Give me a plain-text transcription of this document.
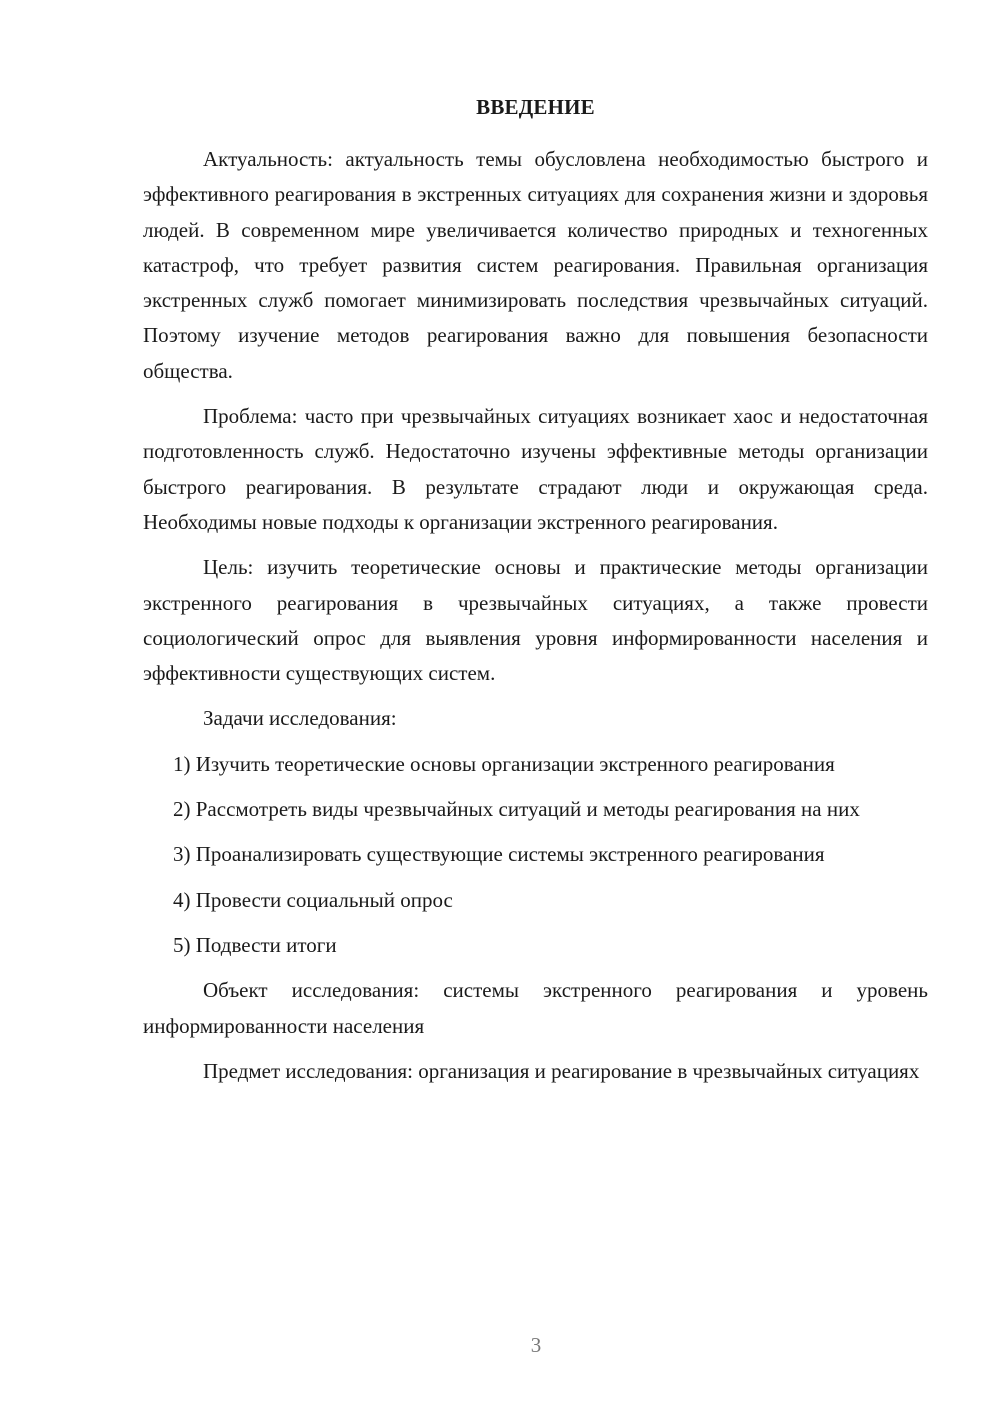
ВВЕДЕНИЕ

Актуальность: актуальность темы обусловлена необходимостью быстрого и эффективного реагирования в экстренных ситуациях для сохранения жизни и здоровья людей. В современном мире увеличивается количество природных и техногенных катастроф, что требует развития систем реагирования. Правильная организация экстренных служб помогает минимизировать последствия чрезвычайных ситуаций. Поэтому изучение методов реагирования важно для повышения безопасности общества.

Проблема: часто при чрезвычайных ситуациях возникает хаос и недостаточная подготовленность служб. Недостаточно изучены эффективные методы организации быстрого реагирования. В результате страдают люди и окружающая среда. Необходимы новые подходы к организации экстренного реагирования.

Цель: изучить теоретические основы и практические методы организации экстренного реагирования в чрезвычайных ситуациях, а также провести социологический опрос для выявления уровня информированности населения и эффективности существующих систем.

Задачи исследования:

1) Изучить теоретические основы организации экстренного реагирования

2) Рассмотреть виды чрезвычайных ситуаций и методы реагирования на них

3) Проанализировать существующие системы экстренного реагирования

4) Провести социальный опрос

5) Подвести итоги

Объект исследования: системы экстренного реагирования и уровень информированности населения

Предмет исследования: организация и реагирование в чрезвычайных ситуациях

3
